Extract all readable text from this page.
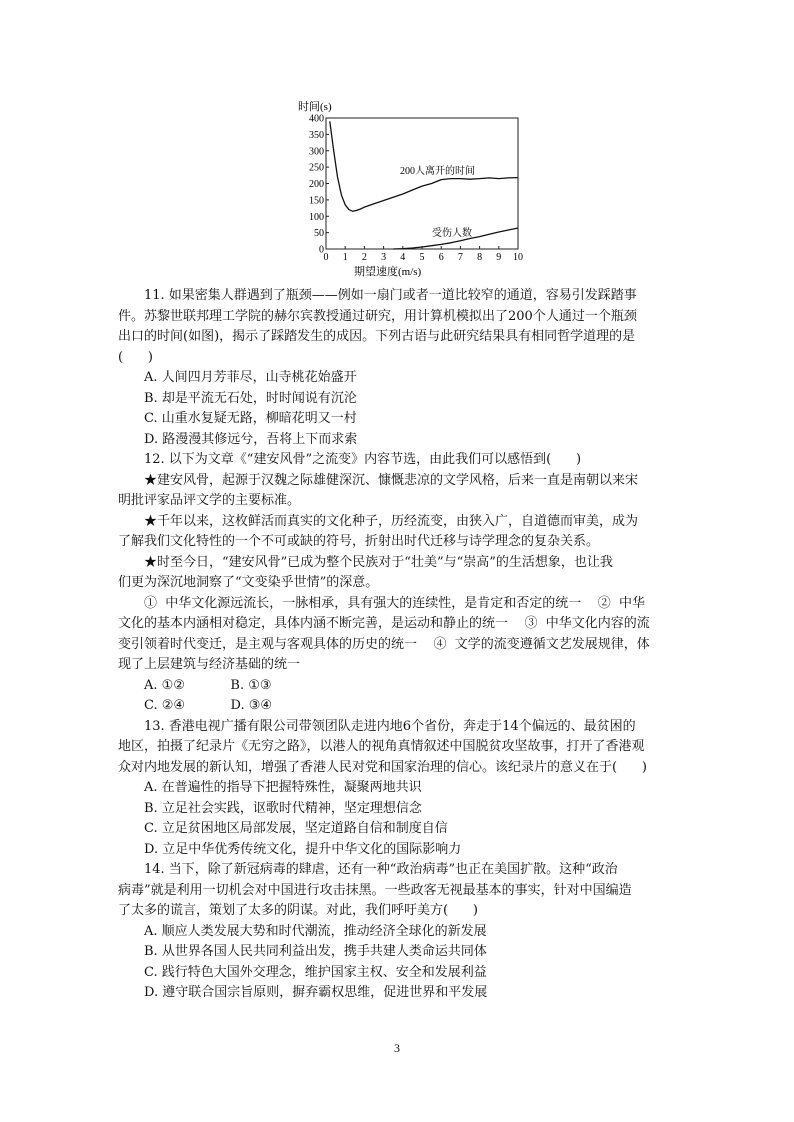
时间(s)
期望速度(m/s)
0
50
100
150
200
250
300
350
400
0 1 2 3 4 5 6 7 8 9 10
200人离开的时间
受伤人数

11. 如果密集人群遇到了瓶颈——例如一扇门或者一道比较窄的通道，容易引发踩踏事

件。苏黎世联邦理工学院的赫尔宾教授通过研究，用计算机模拟出了200个人通过一个瓶颈

出口的时间(如图)，揭示了踩踏发生的成因。下列古语与此研究结果具有相同哲学道理的是

(      )

A. 人间四月芳菲尽，山寺桃花始盛开

B. 却是平流无石处，时时闻说有沉沦

C. 山重水复疑无路，柳暗花明又一村

D. 路漫漫其修远兮，吾将上下而求索

12. 以下为文章《“建安风骨”之流变》内容节选，由此我们可以感悟到(      )

★建安风骨，起源于汉魏之际雄健深沉、慷慨悲凉的文学风格，后来一直是南朝以来宋

明批评家品评文学的主要标准。

★千年以来，这枚鲜活而真实的文化种子，历经流变，由狭入广，自道德而审美，成为

了解我们文化特性的一个不可或缺的符号，折射出时代迁移与诗学理念的复杂关系。

★时至今日，“建安风骨”已成为整个民族对于“壮美”与“崇高”的生活想象，也让我

们更为深沉地洞察了“文变染乎世情”的深意。

①  中华文化源远流长，一脉相承，具有强大的连续性，是肯定和否定的统一    ②  中华

文化的基本内涵相对稳定，具体内涵不断完善，是运动和静止的统一    ③  中华文化内容的流

变引领着时代变迁，是主观与客观具体的历史的统一    ④  文学的流变遵循文艺发展规律，体

现了上层建筑与经济基础的统一

A. ①②           B. ①③

C. ②④           D. ③④

13. 香港电视广播有限公司带领团队走进内地6个省份，奔走于14个偏远的、最贫困的

地区，拍摄了纪录片《无穷之路》，以港人的视角真情叙述中国脱贫攻坚故事，打开了香港观

众对内地发展的新认知，增强了香港人民对党和国家治理的信心。该纪录片的意义在于(      )

A. 在普遍性的指导下把握特殊性，凝聚两地共识

B. 立足社会实践，讴歌时代精神，坚定理想信念

C. 立足贫困地区局部发展，坚定道路自信和制度自信

D. 立足中华优秀传统文化，提升中华文化的国际影响力

14. 当下，除了新冠病毒的肆虐，还有一种“政治病毒”也正在美国扩散。这种“政治

病毒”就是利用一切机会对中国进行攻击抹黑。一些政客无视最基本的事实，针对中国编造

了太多的谎言，策划了太多的阴谋。对此，我们呼吁美方(      )

A. 顺应人类发展大势和时代潮流，推动经济全球化的新发展

B. 从世界各国人民共同利益出发，携手共建人类命运共同体

C. 践行特色大国外交理念，维护国家主权、安全和发展利益

D. 遵守联合国宗旨原则，摒弃霸权思维，促进世界和平发展

3
